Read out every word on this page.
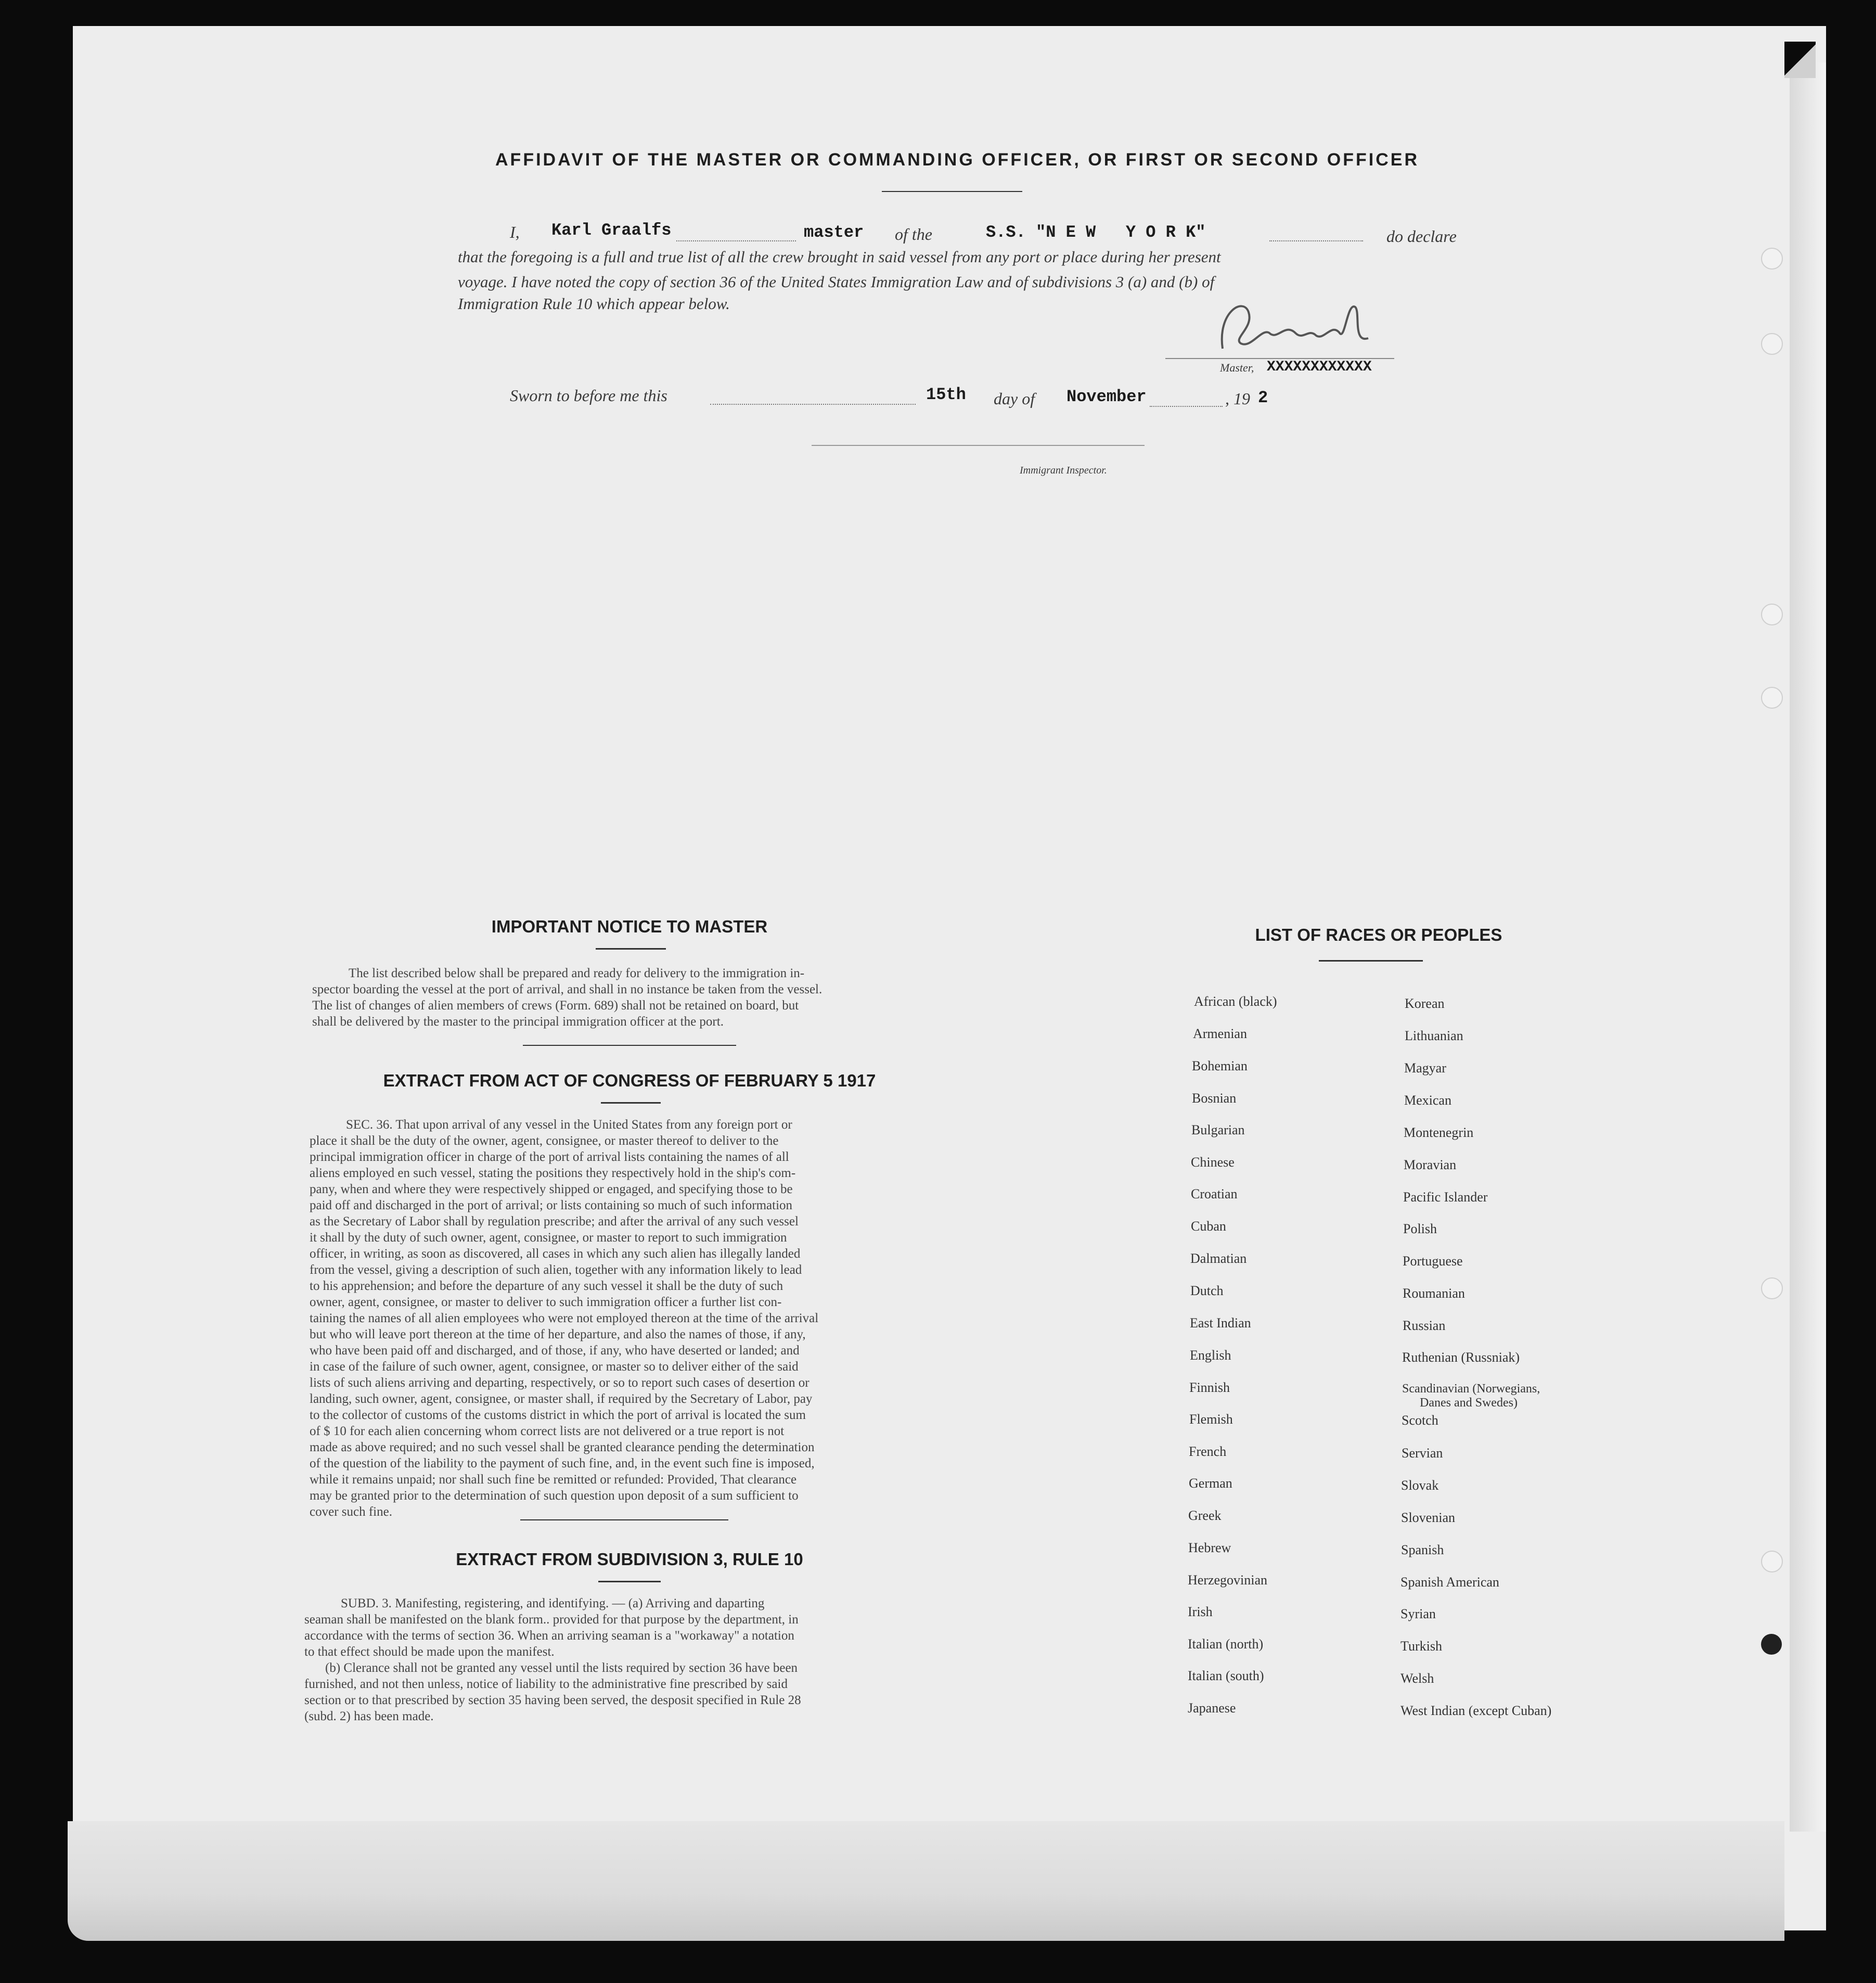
AFFIDAVIT OF THE MASTER OR COMMANDING OFFICER, OR FIRST OR SECOND OFFICER
I, Karl Graalfs	master of the	S.S. "N E W   Y O R K"	do declare
that the foregoing is a full and true list of all the crew brought in said vessel from any port or place during her present
voyage. I have noted the copy of section 36 of the United States Immigration Law and of subdivisions 3 (a) and (b) of
Immigration Rule 10 which appear below.
Master, XXXXXXXXXXXX
Sworn to before me this	15th day of November	, 19 2
Immigrant Inspector.
IMPORTANT NOTICE TO MASTER
The list described below shall be prepared and ready for delivery to the immigration in-
spector boarding the vessel at the port of arrival, and shall in no instance be taken from the vessel.
The list of changes of alien members of crews (Form. 689) shall not be retained on board, but
shall be delivered by the master to the principal immigration officer at the port.
EXTRACT FROM ACT OF CONGRESS OF FEBRUARY 5 1917
SEC. 36. That upon arrival of any vessel in the United States from any foreign port or
place it shall be the duty of the owner, agent, consignee, or master thereof to deliver to the
principal immigration officer in charge of the port of arrival lists containing the names of all
aliens employed en such vessel, stating the positions they respectively hold in the ship's com-
pany, when and where they were respectively shipped or engaged, and specifying those to be
paid off and discharged in the port of arrival; or lists containing so much of such information
as the Secretary of Labor shall by regulation prescribe; and after the arrival of any such vessel
it shall by the duty of such owner, agent, consignee, or master to report to such immigration
officer, in writing, as soon as discovered, all cases in which any such alien has illegally landed
from the vessel, giving a description of such alien, together with any information likely to lead
to his apprehension; and before the departure of any such vessel it shall be the duty of such
owner, agent, consignee, or master to deliver to such immigration officer a further list con-
taining the names of all alien employees who were not employed thereon at the time of the arrival
but who will leave port thereon at the time of her departure, and also the names of those, if any,
who have been paid off and discharged, and of those, if any, who have deserted or landed; and
in case of the failure of such owner, agent, consignee, or master so to deliver either of the said
lists of such aliens arriving and departing, respectively, or so to report such cases of desertion or
landing, such owner, agent, consignee, or master shall, if required by the Secretary of Labor, pay
to the collector of customs of the customs district in which the port of arrival is located the sum
of $ 10 for each alien concerning whom correct lists are not delivered or a true report is not
made as above required; and no such vessel shall be granted clearance pending the determination
of the question of the liability to the payment of such fine, and, in the event such fine is imposed,
while it remains unpaid; nor shall such fine be remitted or refunded: Provided, That clearance
may be granted prior to the determination of such question upon deposit of a sum sufficient to
cover such fine.
EXTRACT FROM SUBDIVISION 3, RULE 10
SUBD. 3. Manifesting, registering, and identifying. — (a) Arriving and daparting
seaman shall be manifested on the blank form.. provided for that purpose by the department, in
accordance with the terms of section 36. When an arriving seaman is a "workaway" a notation
to that effect should be made upon the manifest.
(b) Clerance shall not be granted any vessel until the lists required by section 36 have been
furnished, and not then unless, notice of liability to the administrative fine prescribed by said
section or to that prescribed by section 35 having been served, the desposit specified in Rule 28
(subd. 2) has been made.
LIST OF RACES OR PEOPLES
African (black)
Armenian
Bohemian
Bosnian
Bulgarian
Chinese
Croatian
Cuban
Dalmatian
Dutch
East Indian
English
Finnish
Flemish
French
German
Greek
Hebrew
Herzegovinian
Irish
Italian (north)
Italian (south)
Japanese
Korean
Lithuanian
Magyar
Mexican
Montenegrin
Moravian
Pacific Islander
Polish
Portuguese
Roumanian
Russian
Ruthenian (Russniak)
Scandinavian (Norwegians,
Danes and Swedes)
Scotch
Servian
Slovak
Slovenian
Spanish
Spanish American
Syrian
Turkish
Welsh
West Indian (except Cuban)
